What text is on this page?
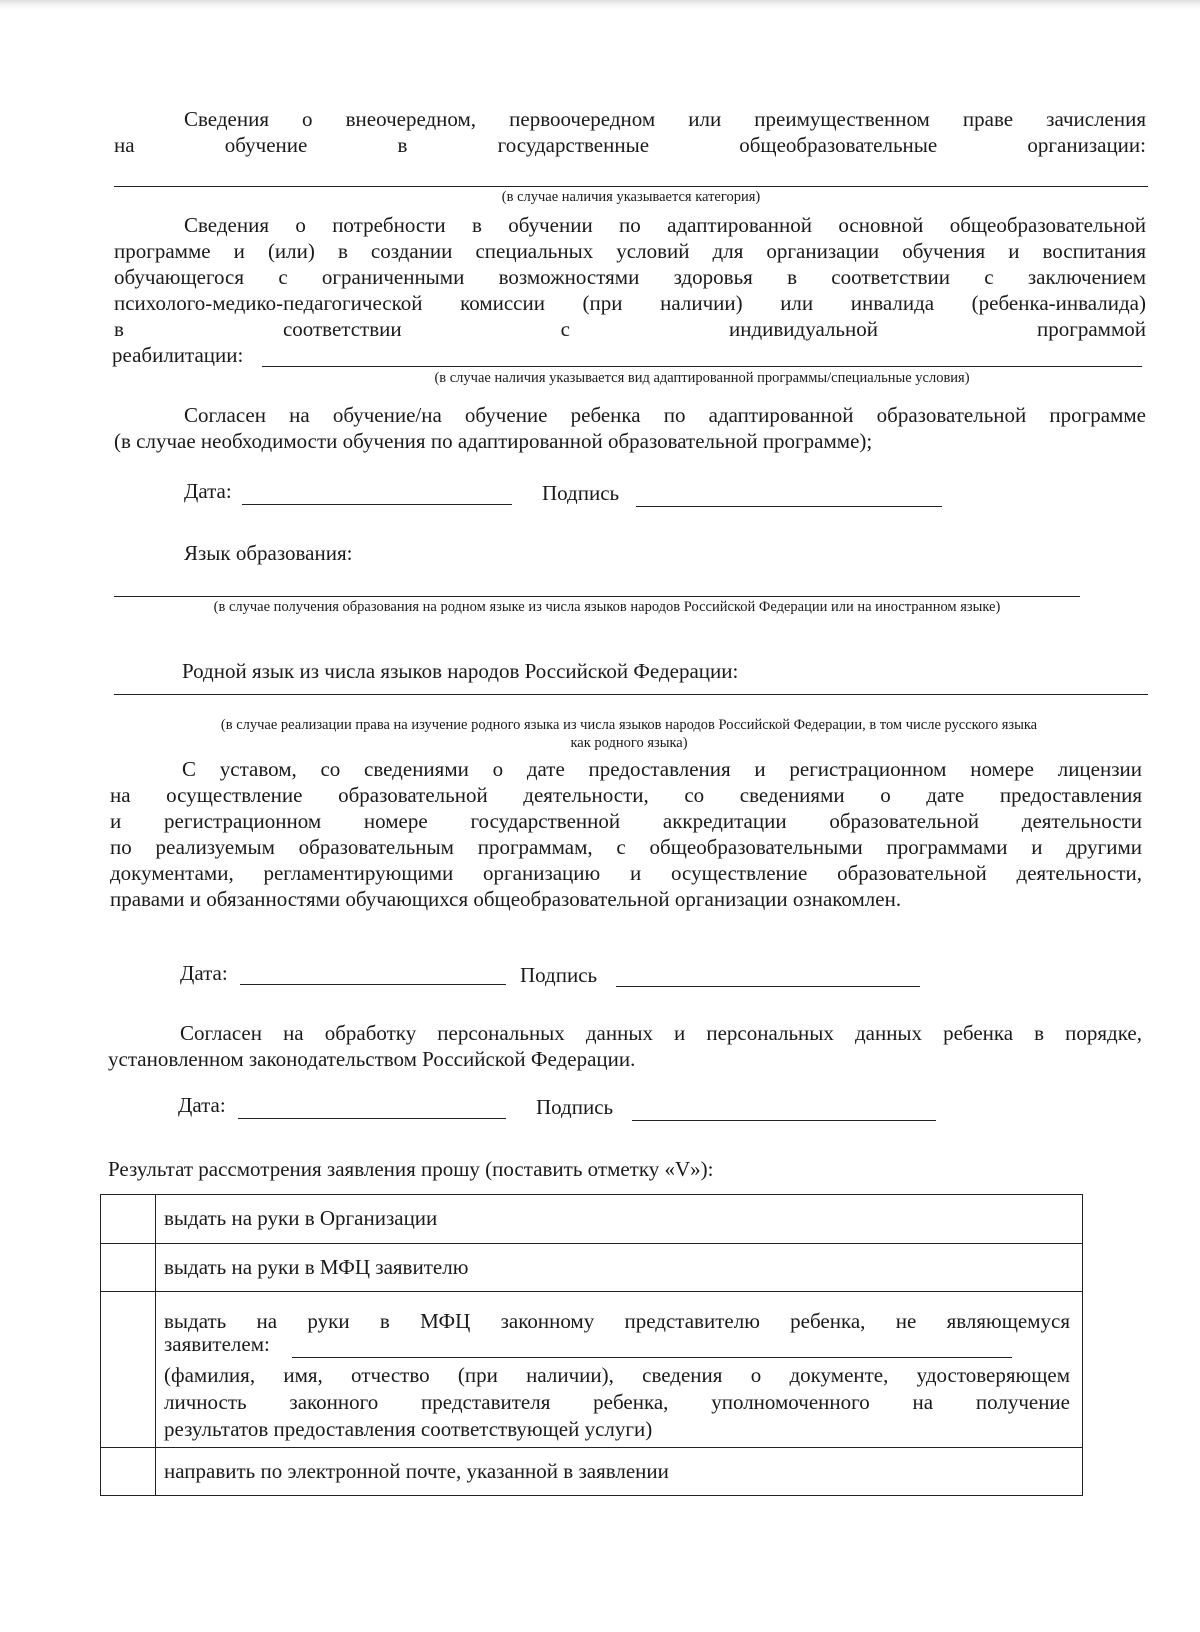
Сведения о внеочередном, первоочередном или преимущественном праве зачисления
на обучение в государственные общеобразовательные организации:
(в случае наличия указывается категория)
Сведения о потребности в обучении по адаптированной основной общеобразовательной
программе и (или) в создании специальных условий для организации обучения и воспитания
обучающегося с ограниченными возможностями здоровья в соответствии с заключением
психолого-медико-педагогической комиссии (при наличии) или инвалида (ребенка-инвалида)
в соответствии с индивидуальной программой
реабилитации:
(в случае наличия указывается вид адаптированной программы/специальные условия)
Согласен на обучение/на обучение ребенка по адаптированной образовательной программе
(в случае необходимости обучения по адаптированной образовательной программе);
Дата:	Подпись
Язык образования:
(в случае получения образования на родном языке из числа языков народов Российской Федерации или на иностранном языке)
Родной язык из числа языков народов Российской Федерации:
(в случае реализации права на изучение родного языка из числа языков народов Российской Федерации, в том числе русского языка
как родного языка)
С уставом, со сведениями о дате предоставления и регистрационном номере лицензии
на осуществление образовательной деятельности, со сведениями о дате предоставления
и регистрационном номере государственной аккредитации образовательной деятельности
по реализуемым образовательным программам, с общеобразовательными программами и другими
документами, регламентирующими организацию и осуществление образовательной деятельности,
правами и обязанностями обучающихся общеобразовательной организации ознакомлен.
Дата:	Подпись
Согласен на обработку персональных данных и персональных данных ребенка в порядке,
установленном законодательством Российской Федерации.
Дата:	Подпись
Результат рассмотрения заявления прошу (поставить отметку «V»):
выдать на руки в Организации
выдать на руки в МФЦ заявителю
выдать на руки в МФЦ законному представителю ребенка, не являющемуся
заявителем:
(фамилия, имя, отчество (при наличии), сведения о документе, удостоверяющем
личность законного представителя ребенка, уполномоченного на получение
результатов предоставления соответствующей услуги)
направить по электронной почте, указанной в заявлении
